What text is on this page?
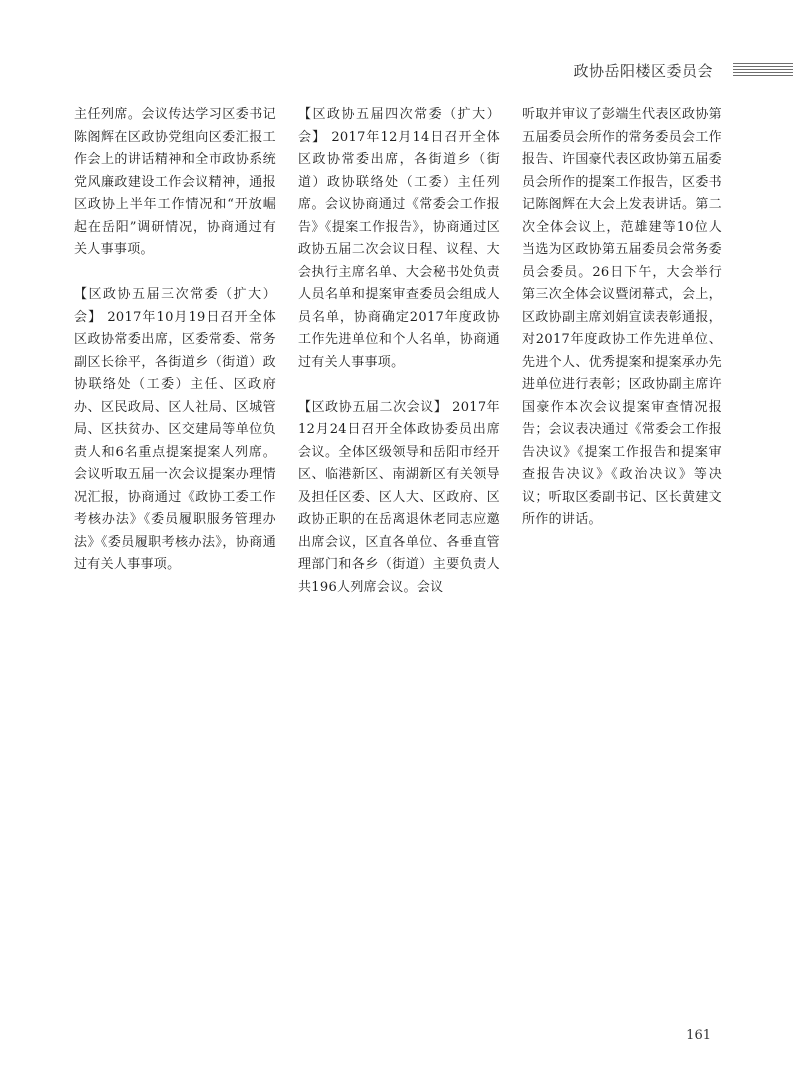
政协岳阳楼区委员会

主任列席。会议传达学习区委书记陈阁辉在区政协党组向区委汇报工作会上的讲话精神和全市政协系统党风廉政建设工作会议精神，通报区政协上半年工作情况和“开放崛起在岳阳”调研情况，协商通过有关人事事项。

【区政协五届三次常委（扩大）会】 2017年10月19日召开全体区政协常委出席，区委常委、常务副区长徐平，各街道乡（街道）政协联络处（工委）主任、区政府办、区民政局、区人社局、区城管局、区扶贫办、区交建局等单位负责人和6名重点提案提案人列席。会议听取五届一次会议提案办理情况汇报，协商通过《政协工委工作考核办法》《委员履职服务管理办法》《委员履职考核办法》，协商通过有关人事事项。

【区政协五届四次常委（扩大）会】 2017年12月14日召开全体区政协常委出席，各街道乡（街道）政协联络处（工委）主任列席。会议协商通过《常委会工作报告》《提案工作报告》，协商通过区政协五届二次会议日程、议程、大会执行主席名单、大会秘书处负责人员名单和提案审查委员会组成人员名单，协商确定2017年度政协工作先进单位和个人名单，协商通过有关人事事项。

【区政协五届二次会议】 2017年12月24日召开全体政协委员出席会议。全体区级领导和岳阳市经开区、临港新区、南湖新区有关领导及担任区委、区人大、区政府、区政协正职的在岳离退休老同志应邀出席会议，区直各单位、各垂直管理部门和各乡（街道）主要负责人共196人列席会议。会议

听取并审议了彭端生代表区政协第五届委员会所作的常务委员会工作报告、许国豪代表区政协第五届委员会所作的提案工作报告，区委书记陈阁辉在大会上发表讲话。第二次全体会议上，范雄建等10位人当选为区政协第五届委员会常务委员会委员。26日下午，大会举行第三次全体会议暨闭幕式，会上，区政协副主席刘娟宣读表彰通报，对2017年度政协工作先进单位、先进个人、优秀提案和提案承办先进单位进行表彰；区政协副主席许国豪作本次会议提案审查情况报告；会议表决通过《常委会工作报告决议》《提案工作报告和提案审查报告决议》《政治决议》等决议；听取区委副书记、区长黄建文所作的讲话。

161
